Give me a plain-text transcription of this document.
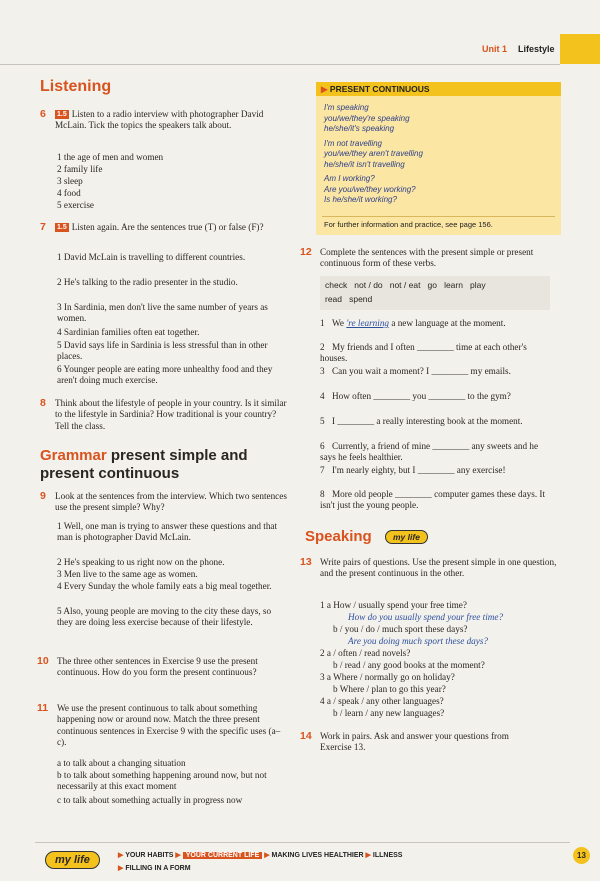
Unit 1 Lifestyle
Listening
6 1.5 Listen to a radio interview with photographer David McLain. Tick the topics the speakers talk about.
1 the age of men and women
2 family life
3 sleep
4 food
5 exercise
7 1.5 Listen again. Are the sentences true (T) or false (F)?
1 David McLain is travelling to different countries.
2 He's talking to the radio presenter in the studio.
3 In Sardinia, men don't live the same number of years as women.
4 Sardinian families often eat together.
5 David says life in Sardinia is less stressful than in other places.
6 Younger people are eating more unhealthy food and they aren't doing much exercise.
8 Think about the lifestyle of people in your country. Is it similar to the lifestyle in Sardinia? How traditional is your country? Tell the class.
Grammar present simple and present continuous
9 Look at the sentences from the interview. Which two sentences use the present simple? Why?
1 Well, one man is trying to answer these questions and that man is photographer David McLain.
2 He's speaking to us right now on the phone.
3 Men live to the same age as women.
4 Every Sunday the whole family eats a big meal together.
5 Also, young people are moving to the city these days, so they are doing less exercise because of their lifestyle.
10 The three other sentences in Exercise 9 use the present continuous. How do you form the present continuous?
11 We use the present continuous to talk about something happening now or around now. Match the three present continuous sentences in Exercise 9 with the specific uses (a–c).
a to talk about a changing situation
b to talk about something happening around now, but not necessarily at this exact moment
c to talk about something actually in progress now
▶ PRESENT CONTINUOUS
I'm speaking
you/we/they're speaking
he/she/it's speaking
I'm not travelling
you/we/they aren't travelling
he/she/it isn't travelling
Am I working?
Are you/we/they working?
Is he/she/it working?
For further information and practice, see page 156.
12 Complete the sentences with the present simple or present continuous form of these verbs.
check   not / do   not / eat   go   learn   play
read   spend
1 We 're learning a new language at the moment.
2 My friends and I often ________ time at each other's houses.
3 Can you wait a moment? I ________ my emails.
4 How often ________ you ________ to the gym?
5 I ________ a really interesting book at the moment.
6 Currently, a friend of mine ________ any sweets and he says he feels healthier.
7 I'm nearly eighty, but I ________ any exercise!
8 More old people ________ computer games these days. It isn't just the young people.
Speaking	my life
13 Write pairs of questions. Use the present simple in one question, and the present continuous in the other.
1 a How / usually spend your free time?
How do you usually spend your free time?
b / you / do / much sport these days?
Are you doing much sport these days?
2 a / often / read novels?
b / read / any good books at the moment?
3 a Where / normally go on holiday?
b Where / plan to go this year?
4 a / speak / any other languages?
b / learn / any new languages?
14 Work in pairs. Ask and answer your questions from Exercise 13.
my life	▶ YOUR HABITS ▶ YOUR CURRENT LIFE ▶ MAKING LIVES HEALTHIER ▶ ILLNESS
▶ FILLING IN A FORM
13
